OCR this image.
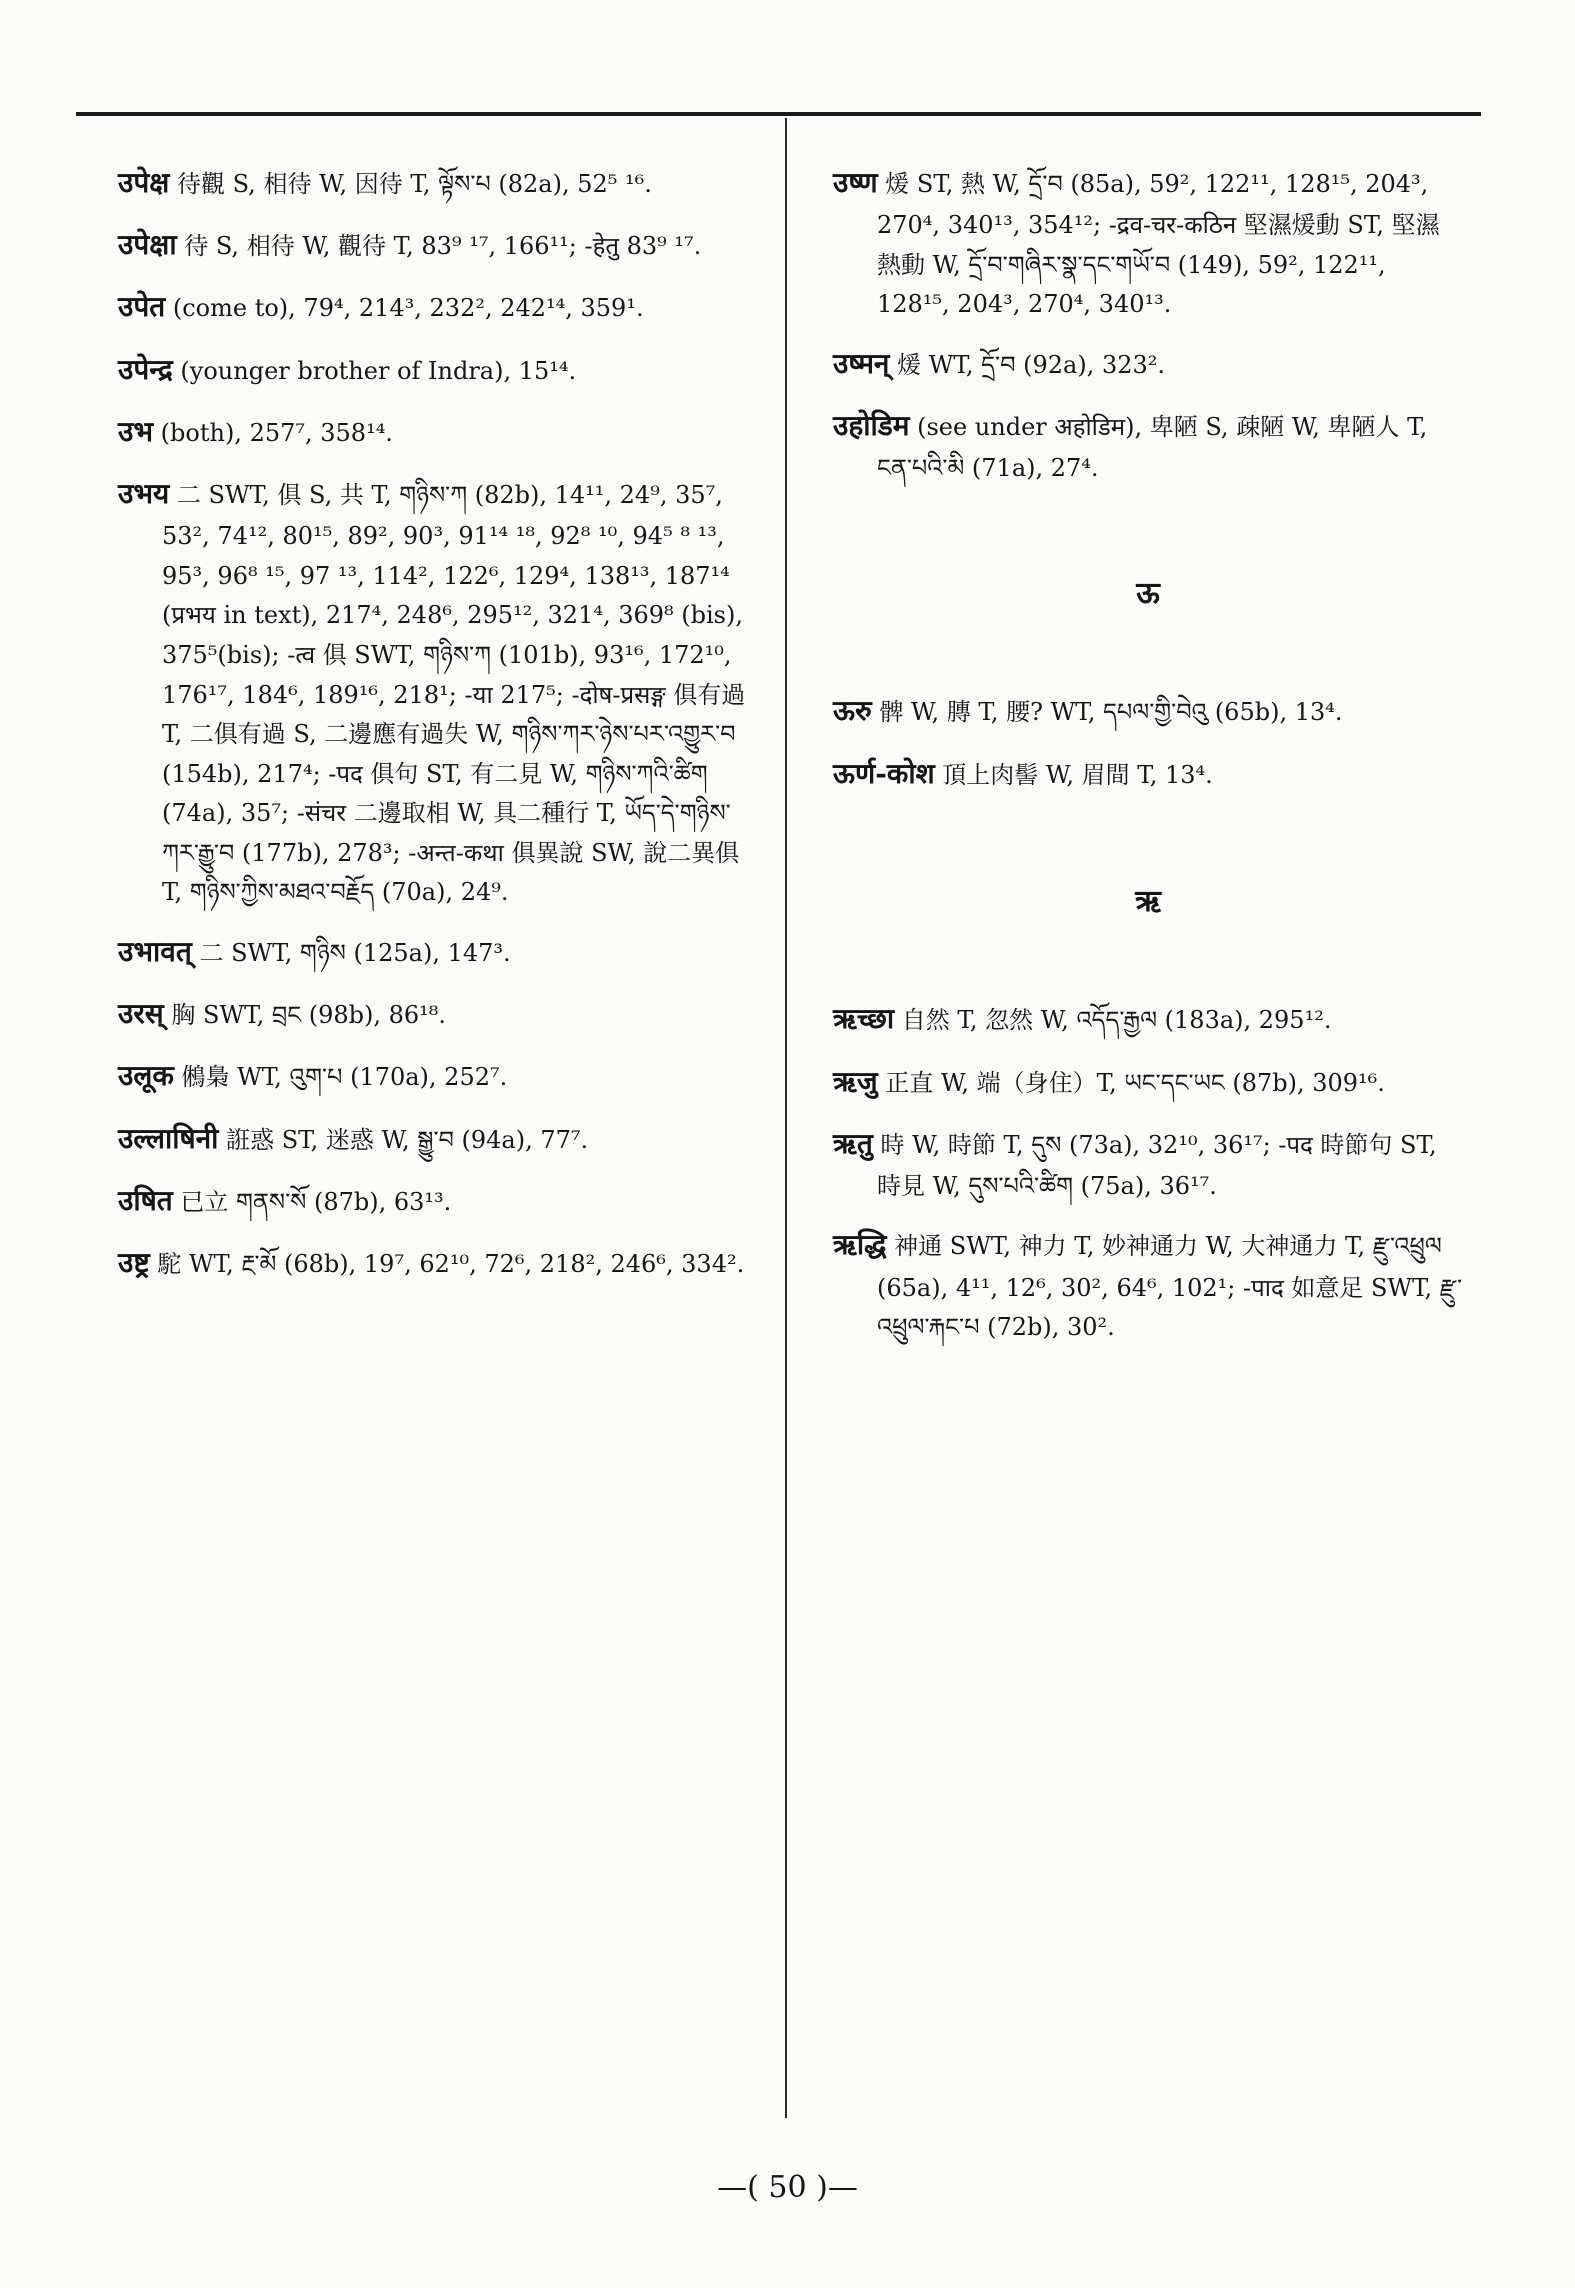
उपेक्ष 待觀 S, 相待 W, 因待 T, ལྟོས་པ (82a), 52⁵ ¹⁶.
उपेक्षा 待 S, 相待 W, 觀待 T, 83⁹ ¹⁷, 166¹¹; -हेतु 83⁹ ¹⁷.
उपेत (come to), 79⁴, 214³, 232², 242¹⁴, 359¹.
उपेन्द्र (younger brother of Indra), 15¹⁴.
उभ (both), 257⁷, 358¹⁴.
उभय 二 SWT, 俱 S, 共 T, གཉིས་ཀ (82b), 14¹¹, 24⁹, 35⁷, 53², 74¹², 80¹⁵, 89², 90³, 91¹⁴ ¹⁸, 92⁸ ¹⁰, 94⁵ ⁸ ¹³, 95³, 96⁸ ¹⁵, 97 ¹³, 114², 122⁶, 129⁴, 138¹³, 187¹⁴ (प्रभय in text), 217⁴, 248⁶, 295¹², 321⁴, 369⁸ (bis), 375⁵(bis); -त्व 俱 SWT, གཉིས་ཀ (101b), 93¹⁶, 172¹⁰, 176¹⁷, 184⁶, 189¹⁶, 218¹; -या 217⁵; -दोष-प्रसङ्ग 俱有過 T, 二俱有過 S, 二邊應有過失 W, གཉིས་ཀར་ཉེས་པར་འགྱུར་བ (154b), 217⁴; -पद 俱句 ST, 有二見 W, གཉིས་ཀའི་ཚིག (74a), 35⁷; -संचर 二邊取相 W, 具二種行 T, ཡོད་དེ་གཉིས་ཀར་རྒྱུ་བ (177b), 278³; -अन्त-कथा 俱異說 SW, 說二異俱 T, གཉིས་ཀྱིས་མཐའ་བརྗོད (70a), 24⁹.
उभावत् 二 SWT, གཉིས (125a), 147³.
उरस् 胸 SWT, བྲང (98b), 86¹⁸.
उलूक 鵂梟 WT, འུག་པ (170a), 252⁷.
उल्लाषिनी 誑惑 ST, 迷惑 W, སྒྱུ་བ (94a), 77⁷.
उषित 已立 གནས་སོ (87b), 63¹³.
उष्ट्र 駝 WT, རྔ་མོ (68b), 19⁷, 62¹⁰, 72⁶, 218², 246⁶, 334².
उष्ण 煖 ST, 熱 W, དྲོ་བ (85a), 59², 122¹¹, 128¹⁵, 204³, 270⁴, 340¹³, 354¹²; -द्रव-चर-कठिन 堅濕煖動 ST, 堅濕熱動 W, དྲོ་བ་གཞིར་སྣ་དང་གཡོ་བ (149), 59², 122¹¹, 128¹⁵, 204³, 270⁴, 340¹³.
उष्मन् 煖 WT, དྲོ་བ (92a), 323².
उहोडिम (see under अहोडिम), 卑陋 S, 疎陋 W, 卑陋人 T, ངན་པའི་མི (71a), 27⁴.
ऊ
ऊरु 髀 W, 膞 T, 腰? WT, དཔལ་གྱི་བེའུ (65b), 13⁴.
ऊर्ण-कोश 頂上肉髻 W, 眉間 T, 13⁴.
ऋ
ऋच्छा 自然 T, 忽然 W, འདོད་རྒྱལ (183a), 295¹².
ऋजु 正直 W, 端（身住）T, ཡང་དང་ཡང (87b), 309¹⁶.
ऋतु 時 W, 時節 T, དུས (73a), 32¹⁰, 36¹⁷; -पद 時節句 ST, 時見 W, དུས་པའི་ཚིག (75a), 36¹⁷.
ऋद्धि 神通 SWT, 神力 T, 妙神通力 W, 大神通力 T, རྫུ་འཕྲུལ (65a), 4¹¹, 12⁶, 30², 64⁶, 102¹; -पाद 如意足 SWT, རྫུ་འཕྲུལ་རྐང་པ (72b), 30².
—( 50 )—
